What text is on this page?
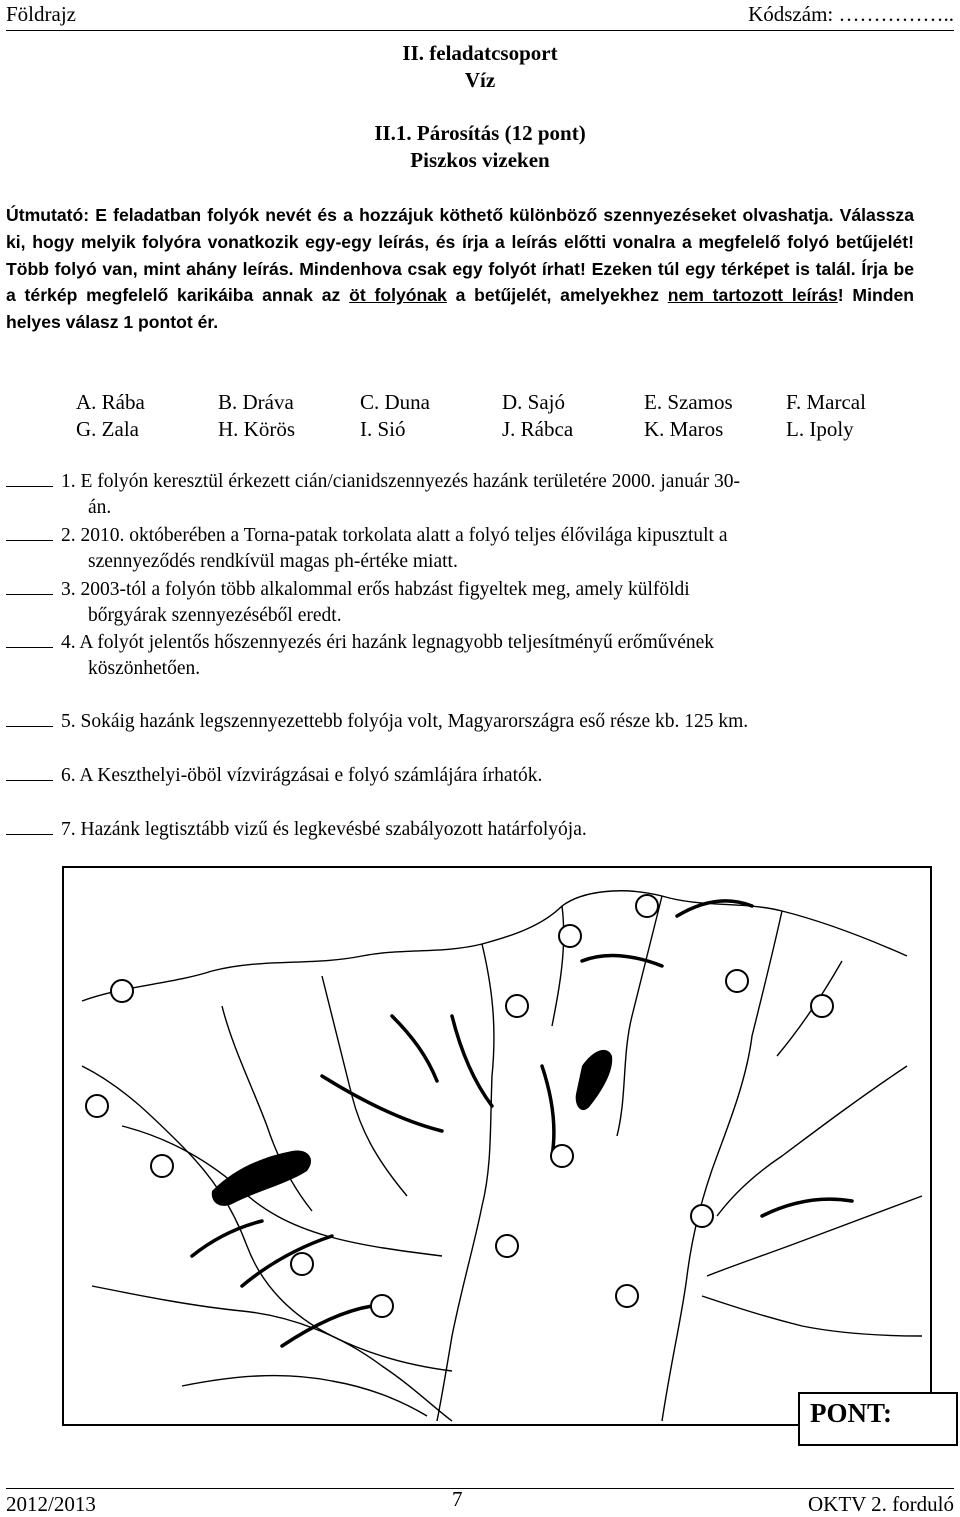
Földrajz	Kódszám: ……………..
II. feladatcsoport
Víz
II.1. Párosítás (12 pont)
Piszkos vizeken

Útmutató: E feladatban folyók nevét és a hozzájuk köthető különböző szennyezéseket olvashatja. Válassza ki, hogy melyik folyóra vonatkozik egy-egy leírás, és írja a leírás előtti vonalra a megfelelő folyó betűjelét! Több folyó van, mint ahány leírás. Mindenhova csak egy folyót írhat! Ezeken túl egy térképet is talál. Írja be a térkép megfelelő karikáiba annak az öt folyónak a betűjelét, amelyekhez nem tartozott leírás! Minden helyes válasz 1 pontot ér.

A. Rába	B. Dráva	C. Duna	D. Sajó	E. Szamos	F. Marcal
G. Zala	H. Körös	I. Sió	J. Rábca	K. Maros	L. Ipoly
1. E folyón keresztül érkezett cián/cianidszennyezés hazánk területére 2000. január 30-
án.
2. 2010. októberében a Torna-patak torkolata alatt a folyó teljes élővilága kipusztult a
szennyeződés rendkívül magas ph-értéke miatt.
3. 2003-tól a folyón több alkalommal erős habzást figyeltek meg, amely külföldi
bőrgyárak szennyezéséből eredt.
4. A folyót jelentős hőszennyezés éri hazánk legnagyobb teljesítményű erőművének
köszönhetően.
5. Sokáig hazánk legszennyezettebb folyója volt, Magyarországra eső része kb. 125 km.
6. A Keszthelyi-öböl vízvirágzásai e folyó számlájára írhatók.
7. Hazánk legtisztább vizű és legkevésbé szabályozott határfolyója.
PONT:
2012/2013	7	OKTV 2. forduló
